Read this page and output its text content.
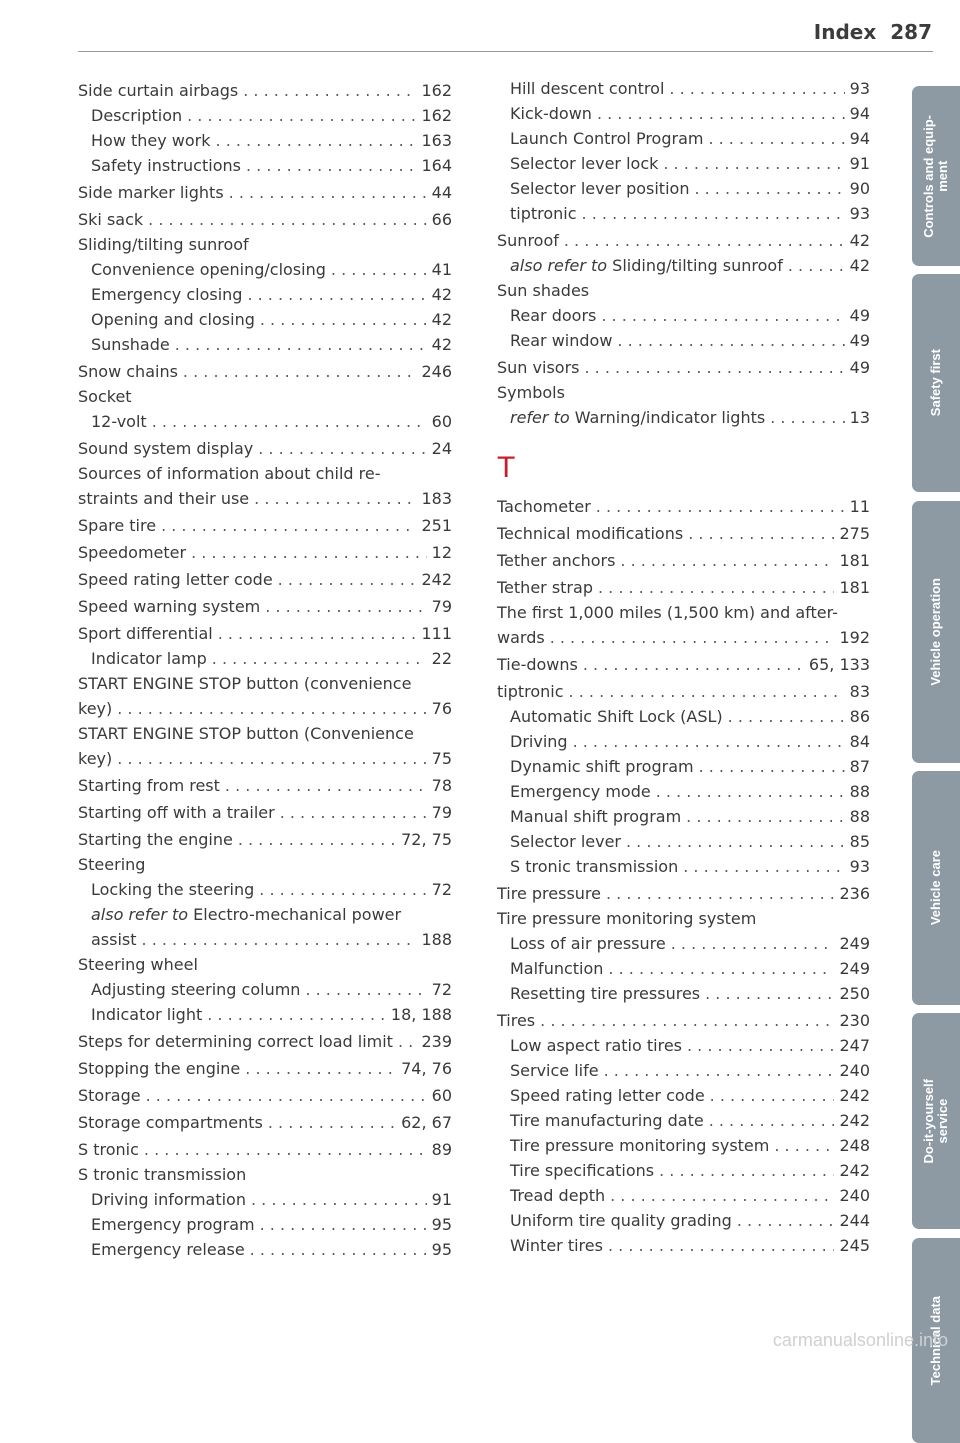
Index 287
Side curtain airbags . . .	162
Description . . .	162
How they work . . .	163
Safety instructions . . .	164
Side marker lights . . .	44
Ski sack . . .	66
Sliding/tilting sunroof
Convenience opening/closing . . .	41
Emergency closing . . .	42
Opening and closing . . .	42
Sunshade . . .	42
Snow chains . . .	246
Socket
12-volt . . .	60
Sound system display . . .	24
Sources of information about child re-
straints and their use . . .	183
Spare tire . . .	251
Speedometer . . .	12
Speed rating letter code . . .	242
Speed warning system . . .	79
Sport differential . . .	111
Indicator lamp . . .	22
START ENGINE STOP button (convenience
key) . . .	76
START ENGINE STOP button (Convenience
key) . . .	75
Starting from rest . . .	78
Starting off with a trailer . . .	79
Starting the engine . . .	72, 75
Steering
Locking the steering . . .	72
also refer to Electro-mechanical power
assist . . .	188
Steering wheel
Adjusting steering column . . .	72
Indicator light . . .	18, 188
Steps for determining correct load limit . . . 239
Stopping the engine . . .	74, 76
Storage . . .	60
Storage compartments . . .	62, 67
S tronic . . .	89
S tronic transmission
Driving information . . .	91
Emergency program . . .	95
Emergency release . . .	95
Hill descent control . . .	93
Kick-down . . .	94
Launch Control Program . . .	94
Selector lever lock . . .	91
Selector lever position . . .	90
tiptronic . . .	93
Sunroof . . .	42
also refer to Sliding/tilting sunroof . . .	42
Sun shades
Rear doors . . .	49
Rear window . . .	49
Sun visors . . .	49
Symbols
refer to Warning/indicator lights . . .	13
T
Tachometer . . .	11
Technical modifications . . .	275
Tether anchors . . .	181
Tether strap . . .	181
The first 1,000 miles (1,500 km) and after-
wards . . .	192
Tie-downs . . .	65, 133
tiptronic . . .	83
Automatic Shift Lock (ASL) . . .	86
Driving . . .	84
Dynamic shift program . . .	87
Emergency mode . . .	88
Manual shift program . . .	88
Selector lever . . .	85
S tronic transmission . . .	93
Tire pressure . . .	236
Tire pressure monitoring system
Loss of air pressure . . .	249
Malfunction . . .	249
Resetting tire pressures . . .	250
Tires . . .	230
Low aspect ratio tires . . .	247
Service life . . .	240
Speed rating letter code . . .	242
Tire manufacturing date . . .	242
Tire pressure monitoring system . . .	248
Tire specifications . . .	242
Tread depth . . .	240
Uniform tire quality grading . . .	244
Winter tires . . .	245
Controls and equip-
ment
Safety first
Vehicle operation
Vehicle care
Do-it-yourself
service
Technical data
carmanualsonline.info
